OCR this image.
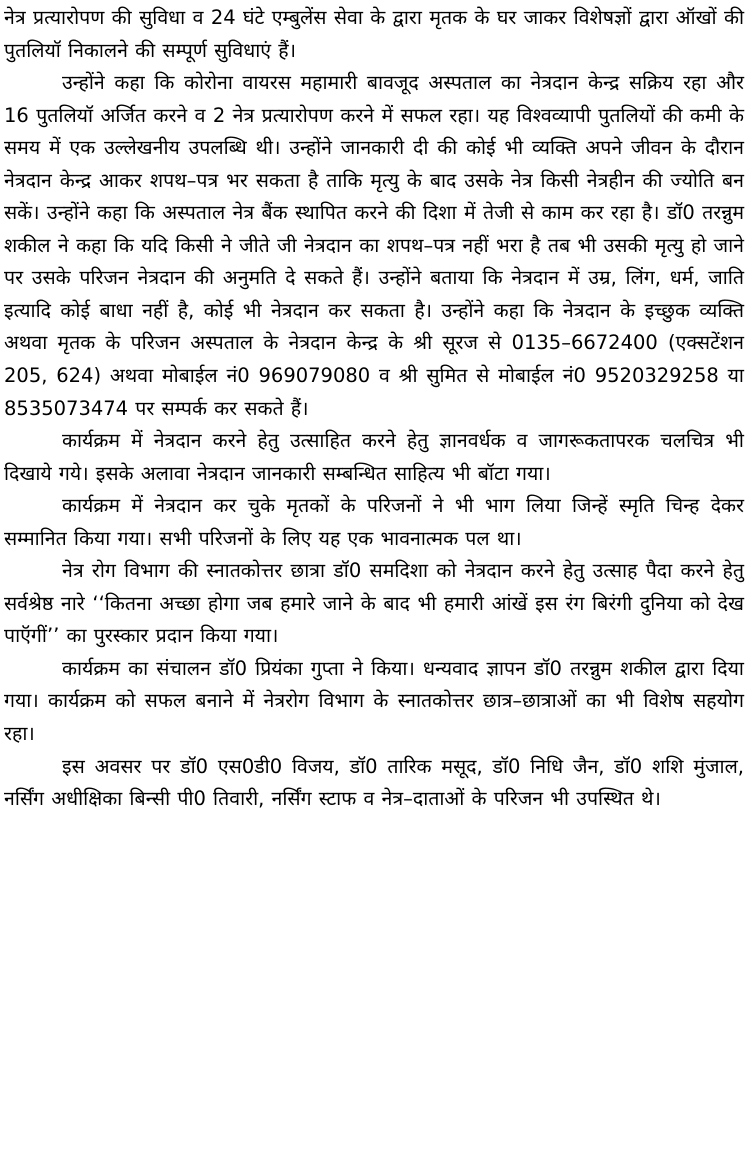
नेत्र प्रत्यारोपण की सुविधा व 24 घंटे एम्बुलेंस सेवा के द्वारा मृतक के घर जाकर विशेषज्ञों द्वारा ऑखों की पुतलियॉ निकालने की सम्पूर्ण सुविधाएं हैं।

उन्होंने कहा कि कोरोना वायरस महामारी बावजूद अस्पताल का नेत्रदान केन्द्र सक्रिय रहा और 16 पुतलियॉ अर्जित करने व 2 नेत्र प्रत्यारोपण करने में सफल रहा। यह विश्वव्यापी पुतलियों की कमी के समय में एक उल्लेखनीय उपलब्धि थी। उन्होंने जानकारी दी की कोई भी व्यक्ति अपने जीवन के दौरान नेत्रदान केन्द्र आकर शपथ–पत्र भर सकता है ताकि मृत्यु के बाद उसके नेत्र किसी नेत्रहीन की ज्योति बन सकें। उन्होंने कहा कि अस्पताल नेत्र बैंक स्थापित करने की दिशा में तेजी से काम कर रहा है। डॉ0 तरन्नुम शकील ने कहा कि यदि किसी ने जीते जी नेत्रदान का शपथ–पत्र नहीं भरा है तब भी उसकी मृत्यु हो जाने पर उसके परिजन नेत्रदान की अनुमति दे सकते हैं। उन्होंने बताया कि नेत्रदान में उम्र, लिंग, धर्म, जाति इत्यादि कोई बाधा नहीं है, कोई भी नेत्रदान कर सकता है। उन्होंने कहा कि नेत्रदान के इच्छुक व्यक्ति अथवा मृतक के परिजन अस्पताल के नेत्रदान केन्द्र के श्री सूरज से 0135–6672400 (एक्सटेंशन 205, 624) अथवा मोबाईल नं0 969079080 व श्री सुमित से मोबाईल नं0 9520329258 या 8535073474 पर सम्पर्क कर सकते हैं।

कार्यक्रम में नेत्रदान करने हेतु उत्साहित करने हेतु ज्ञानवर्धक व जागरूकतापरक चलचित्र भी दिखाये गये। इसके अलावा नेत्रदान जानकारी सम्बन्धित साहित्य भी बॉटा गया।

कार्यक्रम में नेत्रदान कर चुके मृतकों के परिजनों ने भी भाग लिया जिन्हें स्मृति चिन्ह देकर सम्मानित किया गया। सभी परिजनों के लिए यह एक भावनात्मक पल था।

नेत्र रोग विभाग की स्नातकोत्तर छात्रा डॉ0 समदिशा को नेत्रदान करने हेतु उत्साह पैदा करने हेतु सर्वश्रेष्ठ नारे ‘‘कितना अच्छा होगा जब हमारे जाने के बाद भी हमारी आंखें इस रंग बिरंगी दुनिया को देख पाऍगीं’’ का पुरस्कार प्रदान किया गया।

कार्यक्रम का संचालन डॉ0 प्रियंका गुप्ता ने किया। धन्यवाद ज्ञापन डॉ0 तरन्नुम शकील द्वारा दिया गया। कार्यक्रम को सफल बनाने में नेत्ररोग विभाग के स्नातकोत्तर छात्र–छात्राओं का भी विशेष सहयोग रहा।

इस अवसर पर डॉ0 एस0डी0 विजय, डॉ0 तारिक मसूद, डॉ0 निधि जैन, डॉ0 शशि मुंजाल, नर्सिंग अधीक्षिका बिन्सी पी0 तिवारी, नर्सिंग स्टाफ व नेत्र–दाताओं के परिजन भी उपस्थित थे।
